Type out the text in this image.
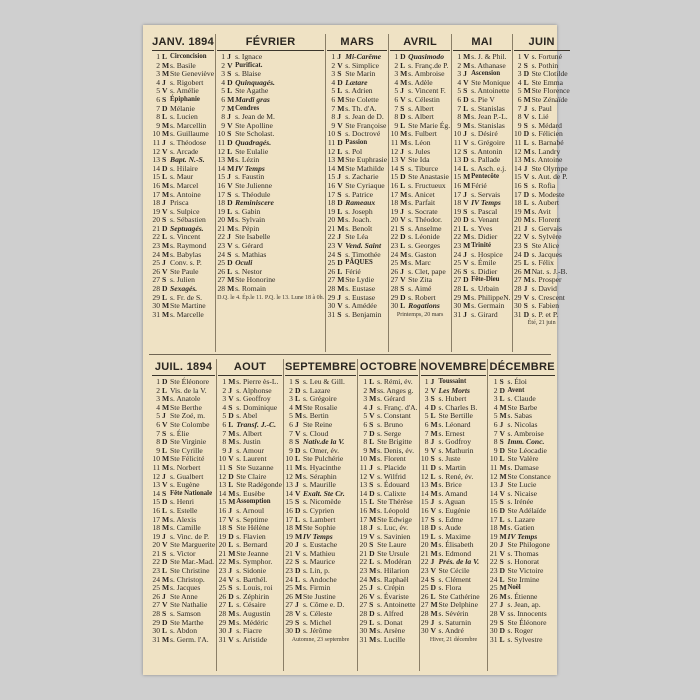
JANV. 1894
1 L Circoncision
2 M s. Basile
3 M Ste Geneviève
4 J s. Rigobert
5 V s. Amélie
6 S Épiphanie
7 D Mélanie
8 L s. Lucien
9 M s. Marcellin
10 M s. Guillaume
11 J s. Théodose
12 V s. Arcade
13 S Bapt. N.-S.
14 D s. Hilaire
15 L s. Maur
16 M s. Marcel
17 M s. Antoine
18 J Prisca
19 V s. Sulpice
20 S s. Sébastien
21 D Septuagés.
22 L s. Vincent
23 M s. Raymond
24 M s. Babylas
25 J Conv. s. P.
26 V Ste Paule
27 S s. Julien
28 D Sexagés.
29 L s. Fr. de S.
30 M Ste Martine
31 M s. Marcelle
FÉVRIER
1 J s. Ignace
2 V Purificat.
3 S s. Blaise
4 D Quinquagés.
5 L Ste Agathe
6 M Mardi gras
7 M Cendres
8 J s. Jean de M.
9 V Ste Apolline
10 S Ste Scholast.
11 D Quadragés.
12 L Ste Eulalie
13 M s. Lézin
14 M IV Temps
15 J s. Faustin
16 V Ste Julienne
17 S s. Théodule
18 D Reminiscere
19 L s. Gabin
20 M s. Sylvain
21 M s. Pépin
22 J Ste Isabelle
23 V s. Gérard
24 S s. Mathias
25 D Oculi
26 L s. Nestor
27 M Ste Honorine
28 M s. Romain
D.Q. le 4. Ép.le 11. P.Q. le 13. Lune 18 à 0h.
MARS
1 J Mi-Carême
2 V s. Simplice
3 S Ste Marin
4 D Lætare
5 L s. Adrien
6 M Ste Colette
7 M s. Th. d'A.
8 J s. Jean de D.
9 V Ste Françoise
10 S s. Doctrové
11 D Passion
12 L s. Pol
13 M Ste Euphrasie
14 M Ste Mathilde
15 J s. Zacharie
16 V Ste Cyriaque
17 S s. Patrice
18 D Rameaux
19 L s. Joseph
20 M s. Joach.
21 M s. Benoît
22 J Ste Léa
23 V Vend. Saint
24 S s. Timothée
25 D PÂQUES
26 L Férié
27 M Ste Lydie
28 M s. Eustase
29 J s. Eustase
30 V s. Amédée
31 S s. Benjamin
AVRIL
1 D Quasimodo
2 L s. Franç.de P.
3 M s. Ambroise
4 M s. Adèle
5 J s. Vincent F.
6 V s. Célestin
7 S s. Albert
8 D s. Albert
9 L Ste Marie Ég.
10 M s. Fulbert
11 M s. Léon
12 J s. Jules
13 V Ste Ida
14 S s. Tiburce
15 D Ste Anastasie
16 L s. Fructueux
17 M s. Anicet
18 M s. Parfait
19 J s. Socrate
20 V s. Théodor.
21 S s. Anselme
22 D s. Léonide
23 L s. Georges
24 M s. Gaston
25 M s. Marc
26 J s. Clet, pape
27 V Ste Zita
28 S s. Aimé
29 D s. Robert
30 L Rogations
Printemps, 20 mars
MAI
1 M s. J. & Phil.
2 M s. Athanase
3 J Ascension
4 V Ste Monique
5 S s. Antoinette
6 D s. Pie V
7 L s. Stanislas
8 M s. Jean P.-L.
9 M s. Stanislas
10 J s. Désiré
11 V s. Grégoire
12 S s. Antonin
13 D s. Pallade
14 L s. Asch. e.j.
15 M Pentecôte
16 M Férié
17 J s. Servais
18 V IV Temps
19 S s. Pascal
20 D s. Venant
21 L s. Yves
22 M s. Didier
23 M Trinité
24 J s. Hospice
25 V s. Émile
26 S s. Didier
27 D Fête-Dieu
28 L s. Urbain
29 M s. PhilippeN.
30 M s. Germain
31 J s. Girard
JUIN
1 V s. Fortuné
2 S s. Pothin
3 D Ste Clotilde
4 L Ste Emma
5 M Ste Florence
6 M Ste Zénaïde
7 J s. Paul
8 V s. Lié
9 S s. Médard
10 D s. Félicien
11 L s. Barnabé
12 M s. Landry
13 M s. Antoine
14 J Ste Olympe
15 V s. Aut. de P.
16 S s. Rofia
17 D s. Modeste
18 L s. Aubert
19 M s. Avit
20 M s. Florent
21 J s. Gervais
22 V s. Sylvère
23 S Ste Alice
24 D s. Jacques
25 L s. Félix
26 M Nat. s. J.-B.
27 M s. Prosper
28 J s. David
29 V s. Crescent
30 S s. Fabien
31 D s. P. et P.
Été, 21 juin
JUIL. 1894
1 D Ste Éléonore
2 L Vis. de la V.
3 M s. Anatole
4 M Ste Berthe
5 J Ste Zoé, m.
6 V Ste Colombe
7 S s. Élie
8 D Ste Virginie
9 L Ste Cyrille
10 M Ste Félicité
11 M s. Norbert
12 J s. Gualbert
13 V s. Eugène
14 S Fête Nationale
15 D s. Henri
16 L s. Estelle
17 M s. Alexis
18 M s. Camille
19 J s. Vinc. de P.
20 V Ste Marguerite
21 S s. Victor
22 D Ste Mar.-Mad.
23 L Ste Christine
24 M s. Christop.
25 M s. Jacques
26 J Ste Anne
27 V Ste Nathalie
28 S s. Samson
29 D Ste Marthe
30 L s. Abdon
31 M s. Germ. l'A.
AOUT
1 M s. Pierre ès-L.
2 J s. Alphonse
3 V s. Geoffroy
4 S s. Dominique
5 D s. Abel
6 L Transf. J.-C.
7 M s. Albert
8 M s. Justin
9 J s. Amour
10 V s. Laurent
11 S Ste Suzanne
12 D Ste Claire
13 L Ste Radégonde
14 M s. Eusèbe
15 M Assomption
16 J s. Arnoul
17 V s. Septime
18 S Ste Hélène
19 D s. Flavien
20 L s. Bernard
21 M Ste Jeanne
22 M s. Symphor.
23 J s. Sidonie
24 V s. Barthél.
25 S s. Louis, roi
26 D s. Zéphirin
27 L s. Césaire
28 M s. Augustin
29 M s. Médéric
30 J s. Fiacre
31 V s. Aristide
SEPTEMBRE
1 S s. Leu & Gill.
2 D s. Lazare
3 L s. Grégoire
4 M Ste Rosalie
5 M s. Bertin
6 J Ste Reine
7 V s. Cloud
8 S Nativ.de la V.
9 D s. Omer, év.
10 L Ste Pulchérie
11 M s. Hyacinthe
12 M s. Séraphin
13 J s. Maurille
14 V Exalt. Ste Cr.
15 S s. Nicomède
16 D s. Cyprien
17 L s. Lambert
18 M Ste Sophie
19 M IV Temps
20 J s. Eustache
21 V s. Mathieu
22 S s. Maurice
23 D s. Lin, p.
24 L s. Andoche
25 M s. Firmin
26 M Ste Justine
27 J s. Côme e. D.
28 V s. Céleste
29 S s. Michel
30 D s. Jérôme
Automne, 23 septembre
OCTOBRE
1 L s. Rémi, év.
2 M ss. Anges g.
3 M s. Gérard
4 J s. Franç. d'A.
5 V s. Constant
6 S s. Bruno
7 D s. Serge
8 L Ste Brigitte
9 M s. Denis, év.
10 M s. Florent
11 J s. Placide
12 V s. Wilfrid
13 S s. Édouard
14 D s. Calixte
15 L Ste Thérèse
16 M s. Léopold
17 M Ste Edwige
18 J s. Luc, év.
19 V s. Savinien
20 S Ste Laure
21 D Ste Ursule
22 L s. Modéran
23 M s. Hilarion
24 M s. Raphaël
25 J s. Crépin
26 V s. Évariste
27 S s. Antoinette
28 D s. Alfred
29 L s. Donat
30 M s. Arsène
31 M s. Lucille
NOVEMBRE
1 J Toussaint
2 V Les Morts
3 S s. Hubert
4 D s. Charles B.
5 L Ste Bertille
6 M s. Léonard
7 M s. Ernest
8 J s. Godfroy
9 V s. Mathurin
10 S s. Juste
11 D s. Martin
12 L s. René, év.
13 M s. Brice
14 M s. Amand
15 J s. Aguan
16 V s. Eugénie
17 S s. Edme
18 D s. Aude
19 L s. Maxime
20 M s. Élisabeth
21 M s. Edmond
22 J Prés. de la V.
23 V Ste Cécile
24 S s. Clément
25 D s. Flora
26 L Ste Cathérine
27 M Ste Delphine
28 M s. Sévérin
29 J s. Saturnin
30 V s. André
Hiver, 21 décembre
DÉCEMBRE
1 S s. Éloi
2 D Avent
3 L s. Claude
4 M Ste Barbe
5 M s. Sabas
6 J s. Nicolas
7 V s. Ambroise
8 S Imm. Conc.
9 D Ste Léocadie
10 L Ste Valère
11 M s. Damase
12 M Ste Constance
13 J Ste Lucie
14 V s. Nicaise
15 S s. Irénée
16 D Ste Adélaïde
17 L s. Lazare
18 M s. Gatien
19 M IV Temps
20 J Ste Philogone
21 V s. Thomas
22 S s. Honorat
23 D Ste Victoire
24 L Ste Irmine
25 M Noël
26 M s. Étienne
27 J s. Jean, ap.
28 V ss. Innocents
29 S Ste Éléonore
30 D s. Roger
31 L s. Sylvestre
